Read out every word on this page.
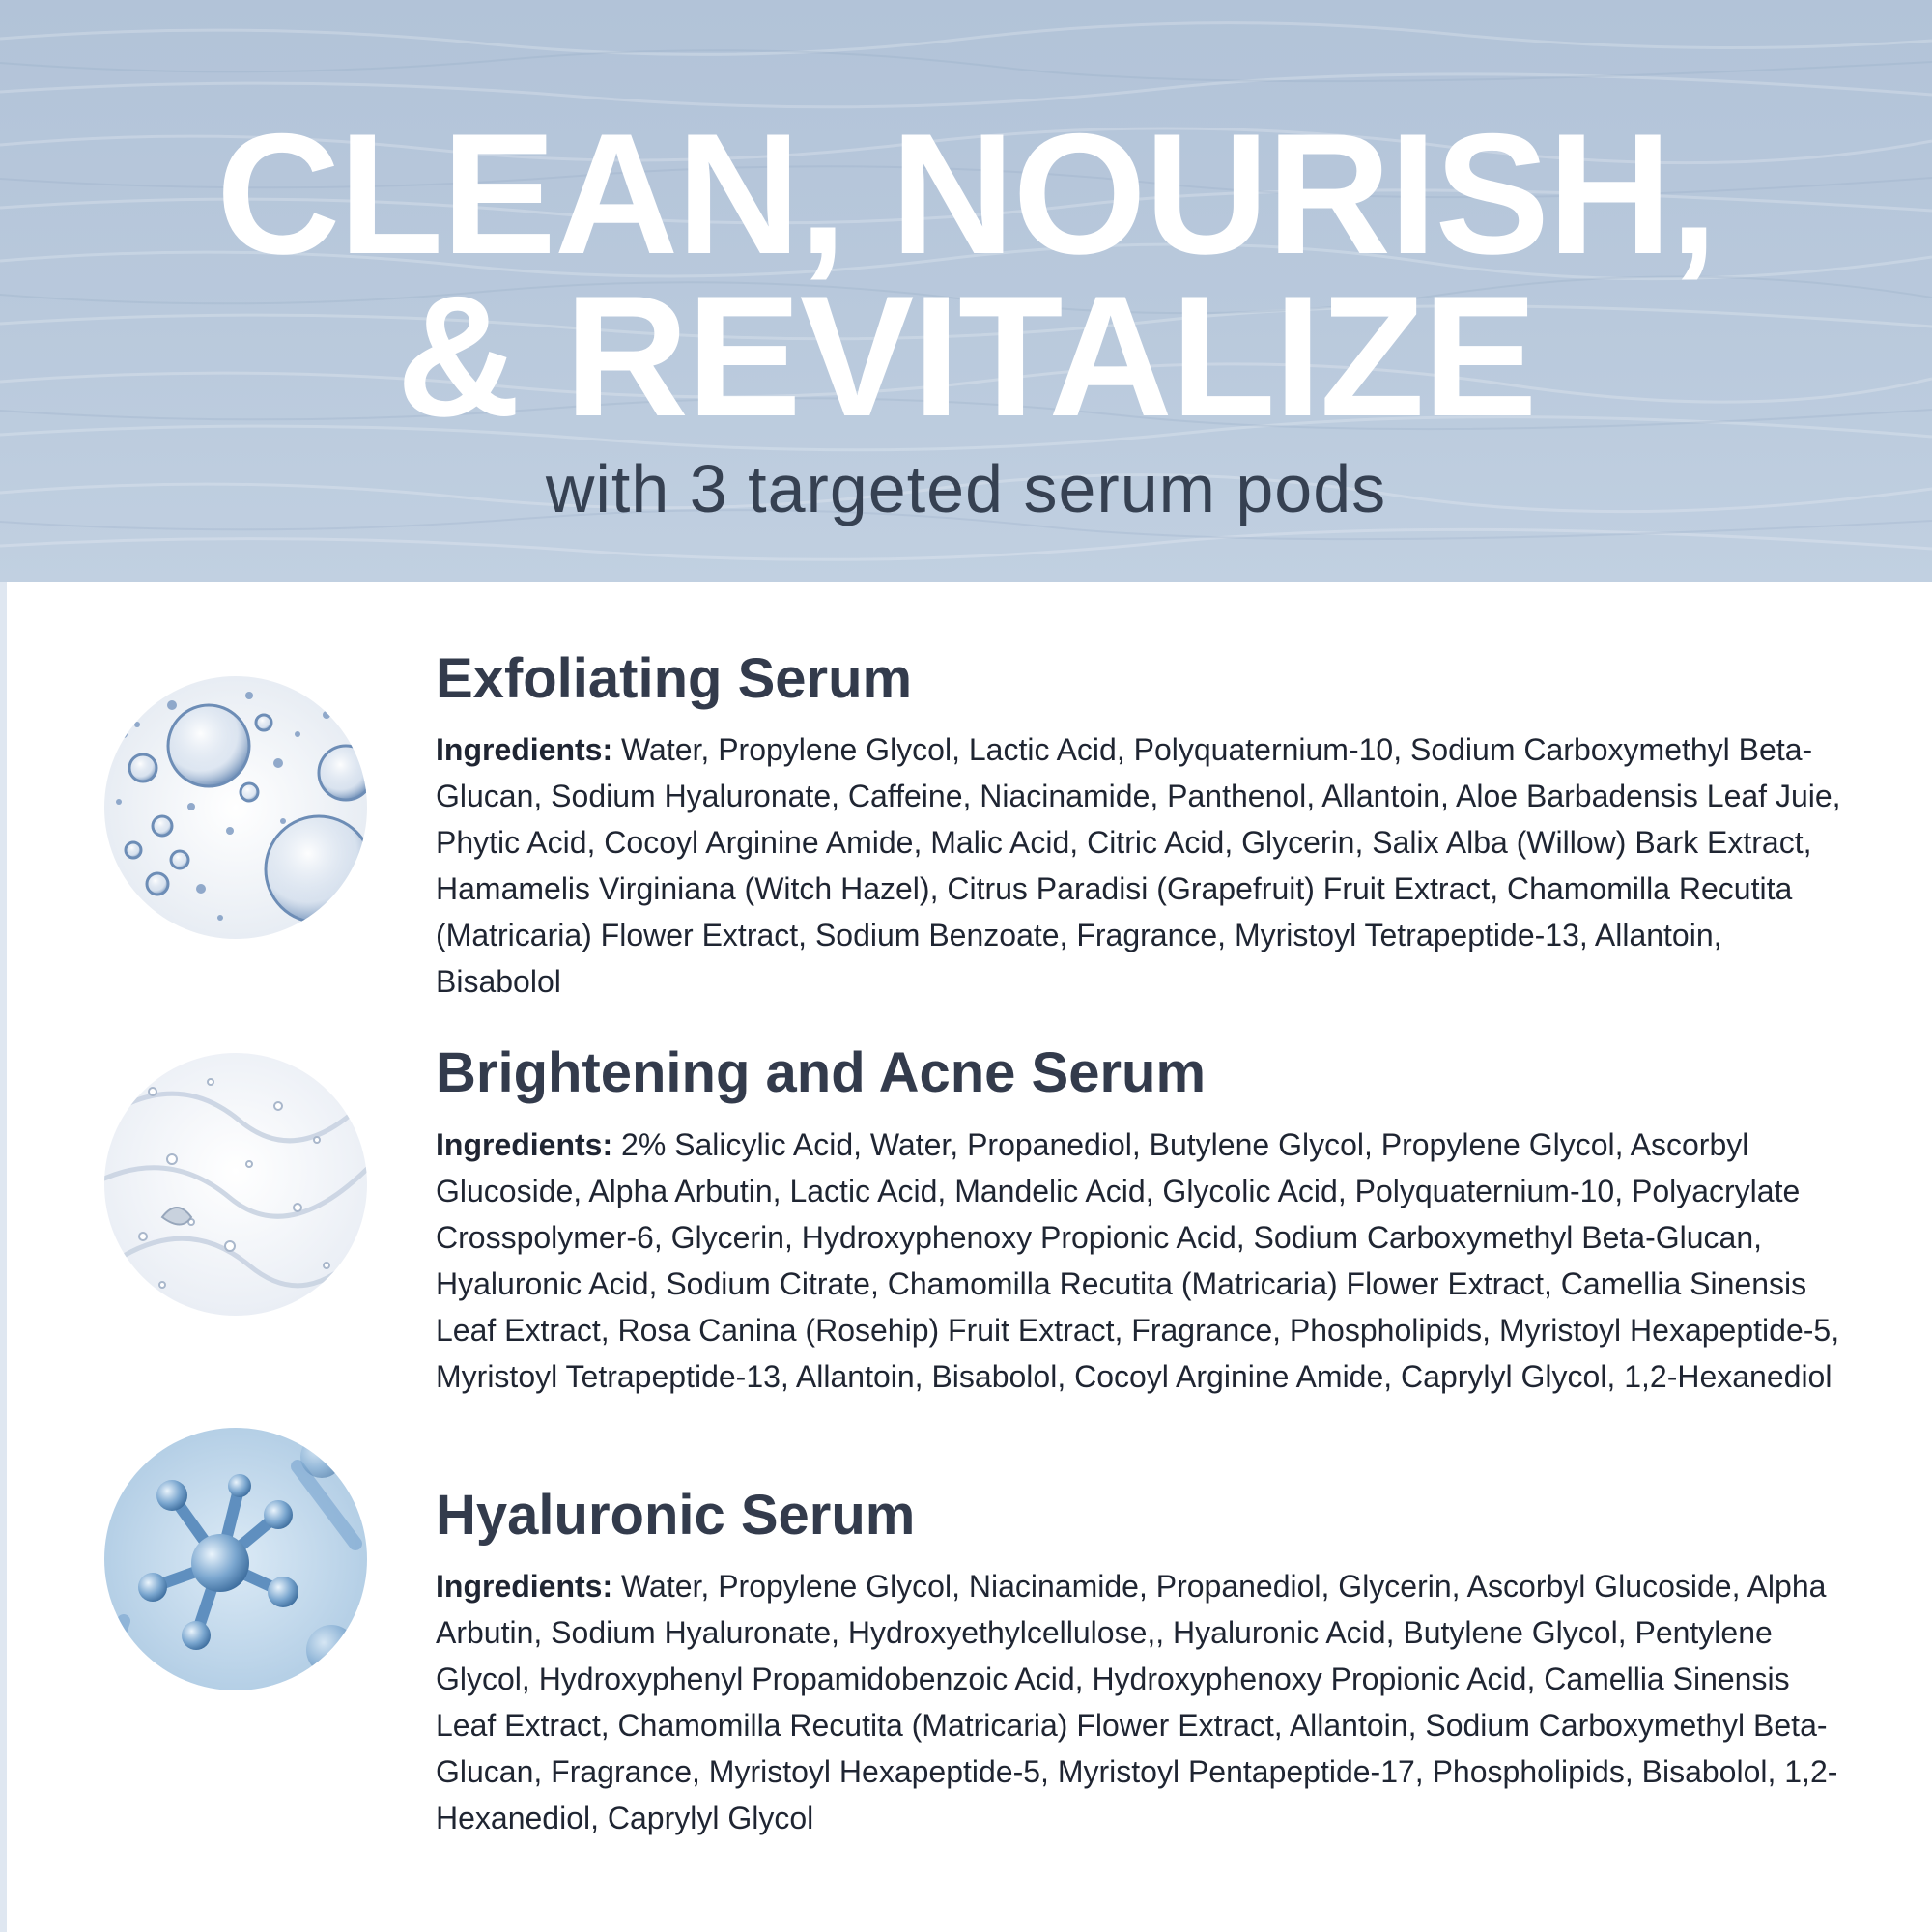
CLEAN, NOURISH,
& REVITALIZE
with 3 targeted serum pods
Exfoliating Serum
Ingredients: Water, Propylene Glycol, Lactic Acid, Polyquaternium-10, Sodium Carboxymethyl Beta-Glucan, Sodium Hyaluronate, Caffeine, Niacinamide, Panthenol, Allantoin, Aloe Barbadensis Leaf Juie, Phytic Acid, Cocoyl Arginine Amide, Malic Acid, Citric Acid, Glycerin, Salix Alba (Willow) Bark Extract, Hamamelis Virginiana (Witch Hazel), Citrus Paradisi (Grapefruit) Fruit Extract, Chamomilla Recutita (Matricaria) Flower Extract, Sodium Benzoate, Fragrance, Myristoyl Tetrapeptide-13, Allantoin, Bisabolol
Brightening and Acne Serum
Ingredients: 2% Salicylic Acid, Water, Propanediol, Butylene Glycol, Propylene Glycol, Ascorbyl Glucoside, Alpha Arbutin, Lactic Acid, Mandelic Acid, Glycolic Acid, Polyquaternium-10, Polyacrylate Crosspolymer-6, Glycerin, Hydroxyphenoxy Propionic Acid, Sodium Carboxymethyl Beta-Glucan, Hyaluronic Acid, Sodium Citrate, Chamomilla Recutita (Matricaria) Flower Extract, Camellia Sinensis Leaf Extract, Rosa Canina (Rosehip) Fruit Extract, Fragrance, Phospholipids, Myristoyl Hexapeptide-5, Myristoyl Tetrapeptide-13, Allantoin, Bisabolol, Cocoyl Arginine Amide, Caprylyl Glycol, 1,2-Hexanediol
Hyaluronic Serum
Ingredients: Water, Propylene Glycol, Niacinamide, Propanediol, Glycerin, Ascorbyl Glucoside, Alpha Arbutin, Sodium Hyaluronate, Hydroxyethylcellulose,, Hyaluronic Acid, Butylene Glycol, Pentylene Glycol, Hydroxyphenyl Propamidobenzoic Acid, Hydroxyphenoxy Propionic Acid, Camellia Sinensis Leaf Extract, Chamomilla Recutita (Matricaria) Flower Extract, Allantoin, Sodium Carboxymethyl Beta-Glucan, Fragrance, Myristoyl Hexapeptide-5, Myristoyl Pentapeptide-17, Phospholipids, Bisabolol, 1,2-Hexanediol, Caprylyl Glycol
